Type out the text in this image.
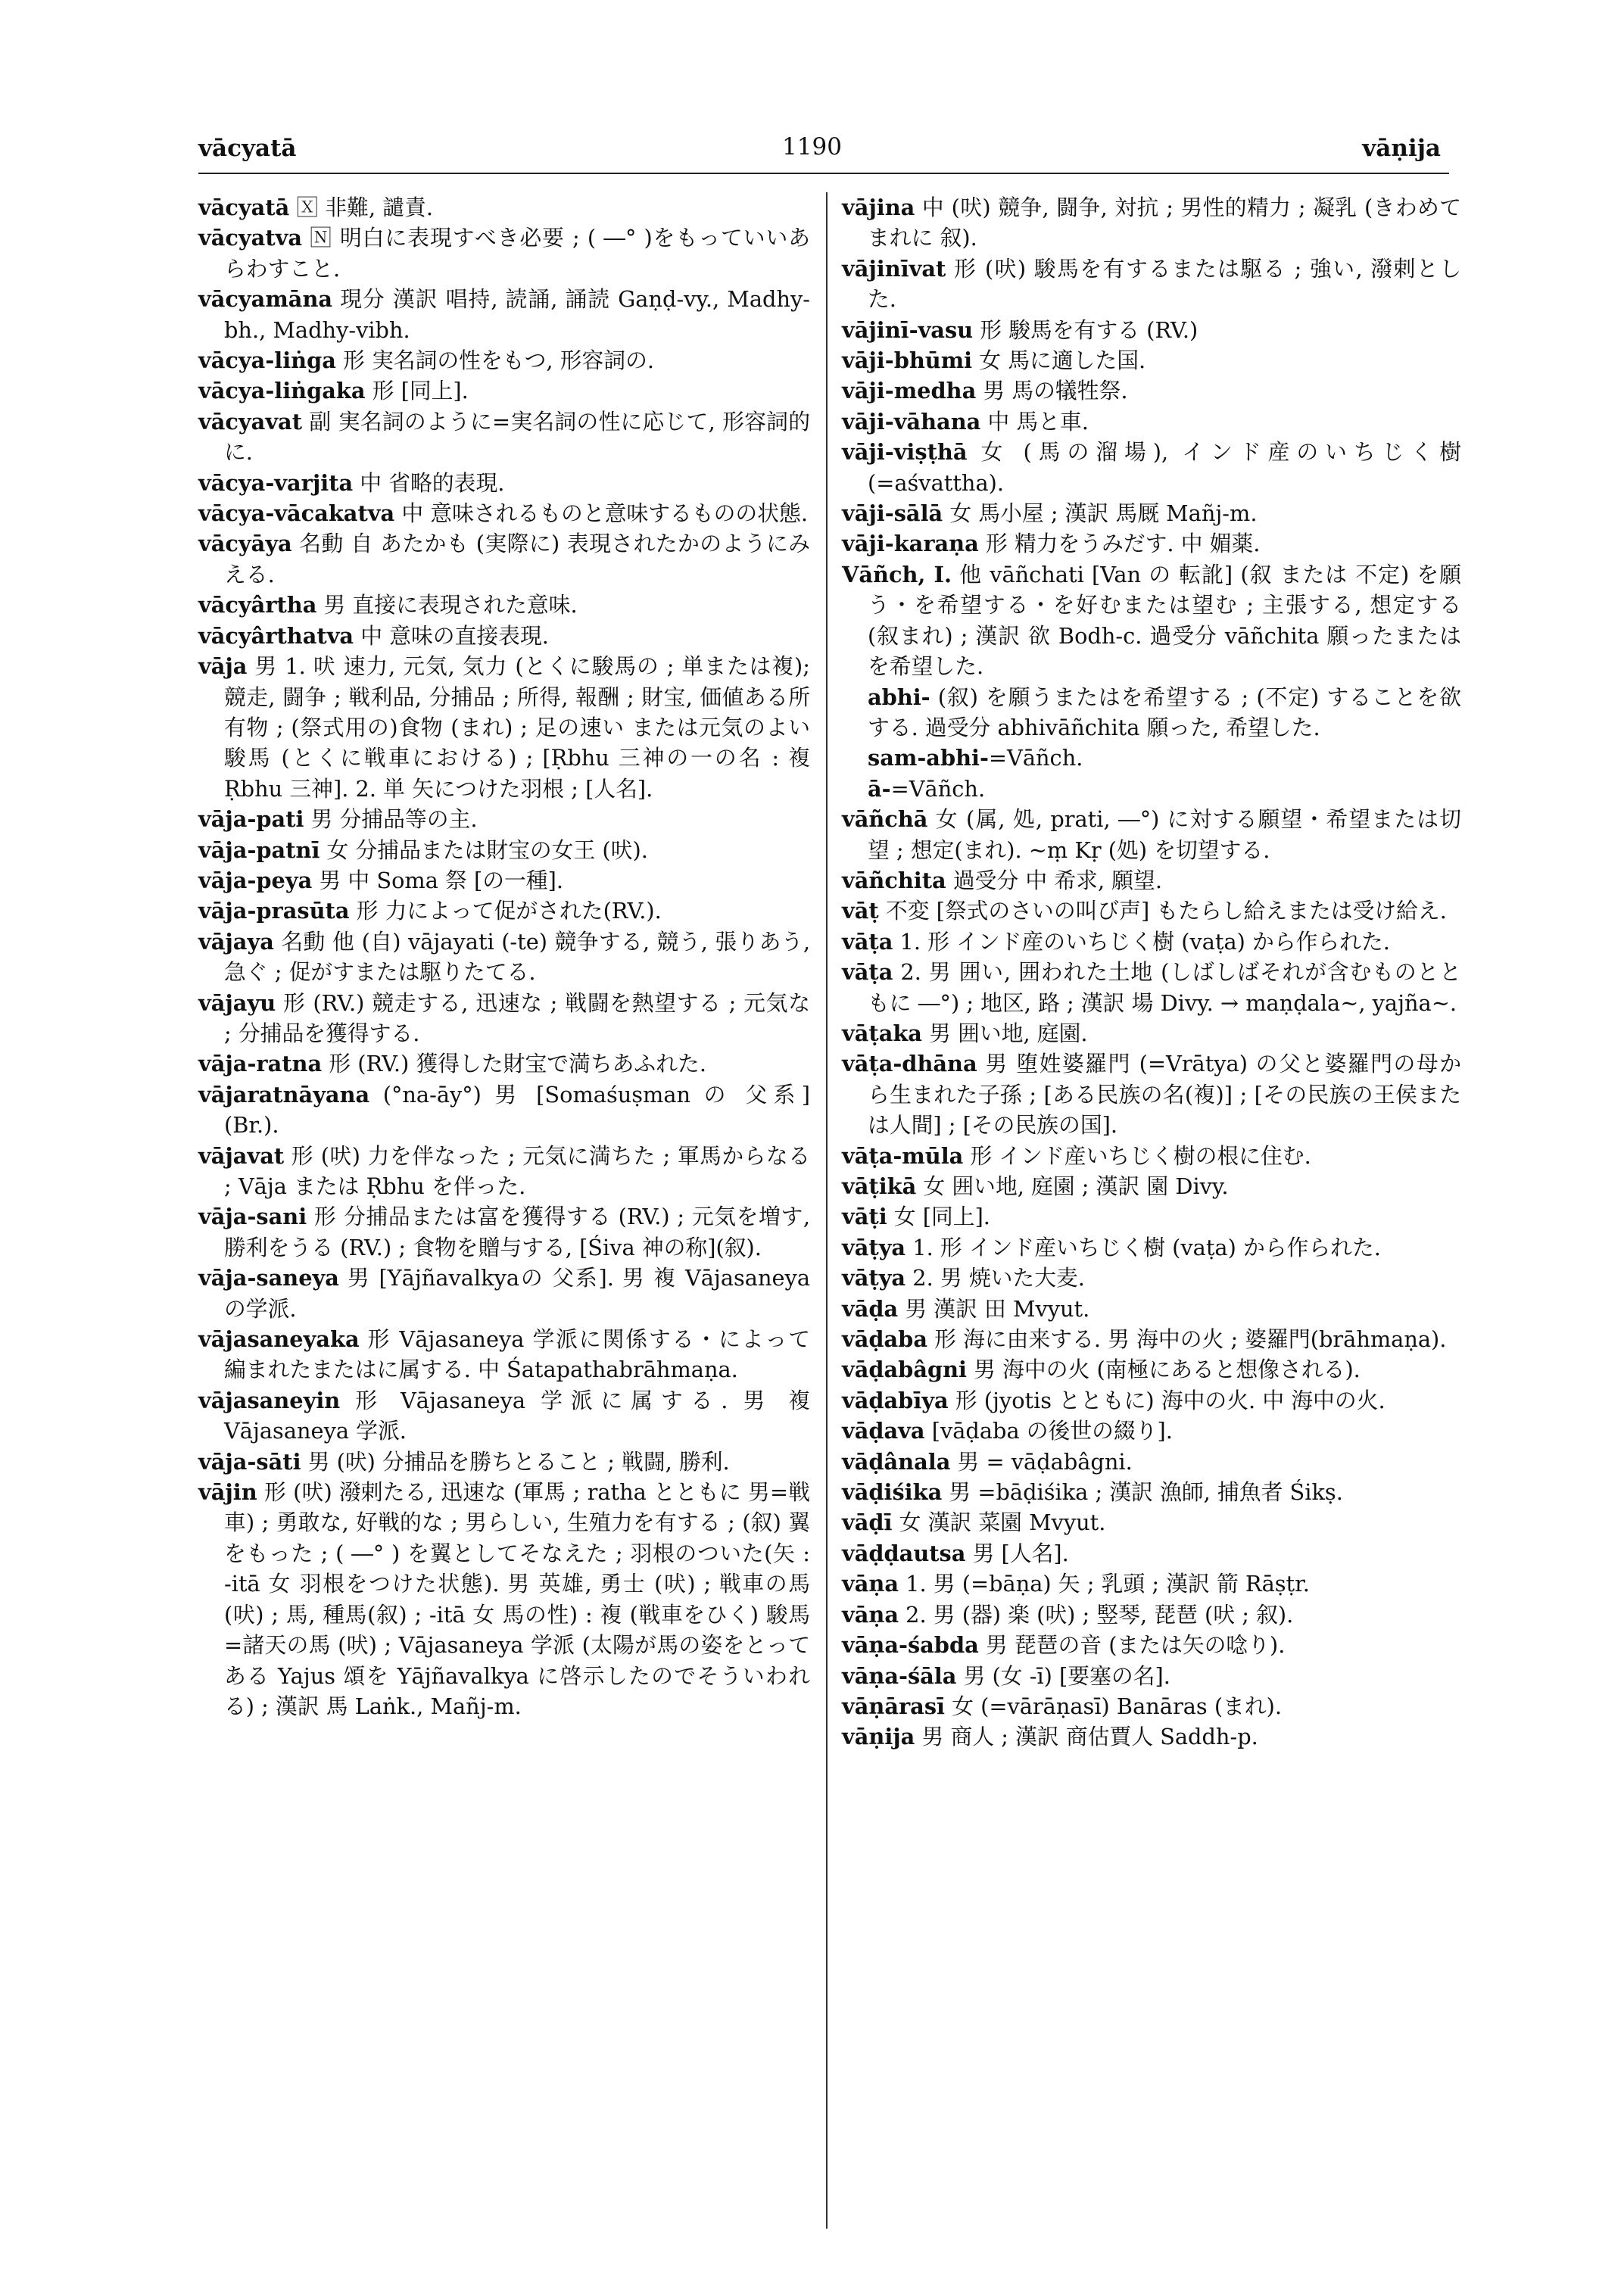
vācyatā	1190	vāṇija

vācyatā 🅇 非難, 譴責.

vācyatva 🄽 明白に表現すべき必要 ; ( ―° )をもっていいあらわすこと.

vācyamāna 現分 漢訳 唱持, 読誦, 誦読 Gaṇḍ-vy., Madhy-bh., Madhy-vibh.

vācya-liṅga 形 実名詞の性をもつ, 形容詞の.

vācya-liṅgaka 形 [同上].

vācyavat 副 実名詞のように=実名詞の性に応じて, 形容詞的に.

vācya-varjita 中 省略的表現.

vācya-vācakatva 中 意味されるものと意味するものの状態.

vācyāya 名動 自 あたかも (実際に) 表現されたかのようにみえる.

vācyârtha 男 直接に表現された意味.

vācyârthatva 中 意味の直接表現.

vāja 男 1. 吠 速力, 元気, 気力 (とくに駿馬の ; 単または複);競走, 闘争 ; 戦利品, 分捕品 ; 所得, 報酬 ; 財宝, 価値ある所有物 ; (祭式用の)食物 (まれ) ; 足の速い または元気のよい駿馬 (とくに戦車における) ; [Ṛbhu 三神の一の名 : 複 Ṛbhu 三神]. 2. 単 矢につけた羽根 ; [人名].

vāja-pati 男 分捕品等の主.

vāja-patnī 女 分捕品または財宝の女王 (吠).

vāja-peya 男 中 Soma 祭 [の一種].

vāja-prasūta 形 力によって促がされた(RV.).

vājaya 名動 他 (自) vājayati (-te) 競争する, 競う, 張りあう, 急ぐ ; 促がすまたは駆りたてる.

vājayu 形 (RV.) 競走する, 迅速な ; 戦闘を熱望する ; 元気な ; 分捕品を獲得する.

vāja-ratna 形 (RV.) 獲得した財宝で満ちあふれた.

vājaratnāyana (°na-āy°) 男 [Somaśuṣman の 父系] (Br.).

vājavat 形 (吠) 力を伴なった ; 元気に満ちた ; 軍馬からなる ; Vāja または Ṛbhu を伴った.

vāja-sani 形 分捕品または富を獲得する (RV.) ; 元気を増す, 勝利をうる (RV.) ; 食物を贈与する, [Śiva 神の称](叙).

vāja-saneya 男 [Yājñavalkyaの 父系]. 男 複 Vājasaneya の学派.

vājasaneyaka 形 Vājasaneya 学派に関係する・によって編まれたまたはに属する. 中 Śatapathabrāhmaṇa.

vājasaneyin 形 Vājasaneya 学派に属する. 男 複 Vājasaneya 学派.

vāja-sāti 男 (吠) 分捕品を勝ちとること ; 戦闘, 勝利.

vājin 形 (吠) 潑剌たる, 迅速な (軍馬 ; ratha とともに 男=戦車) ; 勇敢な, 好戦的な ; 男らしい, 生殖力を有する ; (叙) 翼をもった ; ( ―° ) を翼としてそなえた ; 羽根のついた(矢 : -itā 女 羽根をつけた状態). 男 英雄, 勇士 (吠) ; 戦車の馬 (吠) ; 馬, 種馬(叙) ; -itā 女 馬の性) : 複 (戦車をひく) 駿馬=諸天の馬 (吠) ; Vājasaneya 学派 (太陽が馬の姿をとってある Yajus 頌を Yājñavalkya に啓示したのでそういわれる) ; 漢訳 馬 Laṅk., Mañj-m.

vājina 中 (吠) 競争, 闘争, 対抗 ; 男性的精力 ; 凝乳 (きわめてまれに 叙).

vājinīvat 形 (吠) 駿馬を有するまたは駆る ; 強い, 潑剌とした.

vājinī-vasu 形 駿馬を有する (RV.)

vāji-bhūmi 女 馬に適した国.

vāji-medha 男 馬の犠牲祭.

vāji-vāhana 中 馬と車.

vāji-viṣṭhā 女 (馬の溜場), インド産のいちじく樹 (=aśvattha).

vāji-sālā 女 馬小屋 ; 漢訳 馬厩 Mañj-m.

vāji-karaṇa 形 精力をうみだす. 中 媚薬.

Vāñch, I. 他 vāñchati [Van の 転訛] (叙 または 不定) を願う・を希望する・を好むまたは望む ; 主張する, 想定する (叙まれ) ; 漢訳 欲 Bodh-c. 過受分 vāñchita 願ったまたはを希望した.

abhi- (叙) を願うまたはを希望する ; (不定) することを欲する. 過受分 abhivāñchita 願った, 希望した.

sam-abhi-=Vāñch.

ā-=Vāñch.

vāñchā 女 (属, 処, prati, ―°) に対する願望・希望または切望 ; 想定(まれ). ~ṃ Kṛ (処) を切望する.

vāñchita 過受分 中 希求, 願望.

vāṭ 不変 [祭式のさいの叫び声] もたらし給えまたは受け給え.

vāṭa 1. 形 インド産のいちじく樹 (vaṭa) から作られた.

vāṭa 2. 男 囲い, 囲われた土地 (しばしばそれが含むものとともに ―°) ; 地区, 路 ; 漢訳 場 Divy. → maṇḍala~, yajña~.

vāṭaka 男 囲い地, 庭園.

vāṭa-dhāna 男 堕姓婆羅門 (=Vrātya) の父と婆羅門の母から生まれた子孫 ; [ある民族の名(複)] ; [その民族の王侯または人間] ; [その民族の国].

vāṭa-mūla 形 インド産いちじく樹の根に住む.

vāṭikā 女 囲い地, 庭園 ; 漢訳 園 Divy.

vāṭi 女 [同上].

vāṭya 1. 形 インド産いちじく樹 (vaṭa) から作られた.

vāṭya 2. 男 焼いた大麦.

vāḍa 男 漢訳 田 Mvyut.

vāḍaba 形 海に由来する. 男 海中の火 ; 婆羅門(brāhmaṇa).

vāḍabâgni 男 海中の火 (南極にあると想像される).

vāḍabīya 形 (jyotis とともに) 海中の火. 中 海中の火.

vāḍava [vāḍaba の後世の綴り].

vāḍânala 男 = vāḍabâgni.

vāḍiśika 男 =bāḍiśika ; 漢訳 漁師, 捕魚者 Śikṣ.

vāḍī 女 漢訳 菜園 Mvyut.

vāḍḍautsa 男 [人名].

vāṇa 1. 男 (=bāṇa) 矢 ; 乳頭 ; 漢訳 箭 Rāṣṭr.

vāṇa 2. 男 (器) 楽 (吠) ; 竪琴, 琵琶 (吠 ; 叙).

vāṇa-śabda 男 琵琶の音 (または矢の唸り).

vāṇa-śāla 男 (女 -ī) [要塞の名].

vāṇārasī 女 (=vārāṇasī) Banāras (まれ).

vāṇija 男 商人 ; 漢訳 商估賈人 Saddh-p.
